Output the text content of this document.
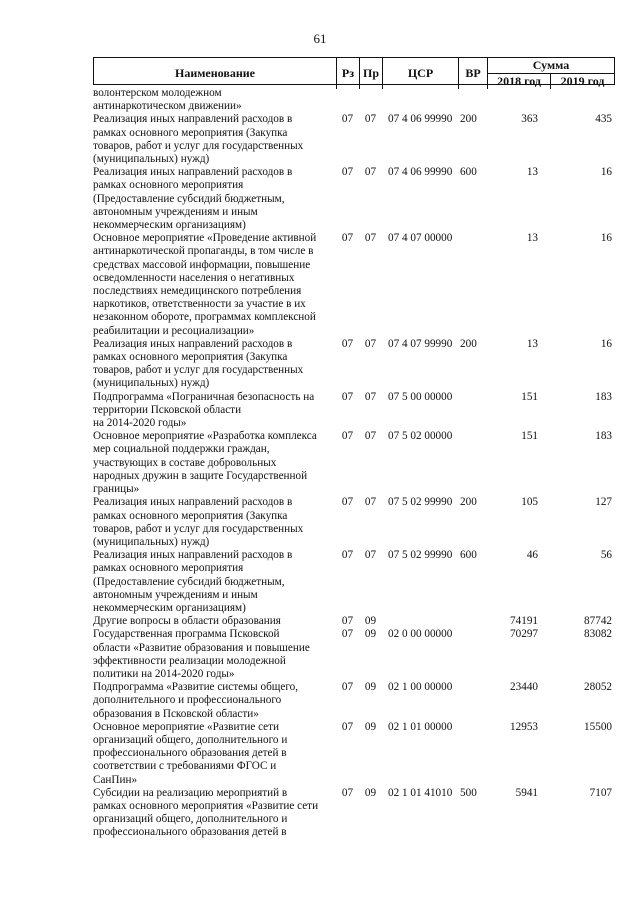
61
Наименование	Рз Пр	ЦСР	ВР
Сумма
2018 год	2019 год
волонтерском молодежном
антинаркотическом движении»
Реализация иных направлений расходов в
рамках основного мероприятия (Закупка
товаров, работ и услуг для государственных
(муниципальных) нужд)
07	07	07 4 06 99990 200	363	435
Реализация иных направлений расходов в
рамках основного мероприятия
(Предоставление субсидий бюджетным,
автономным учреждениям и иным
некоммерческим организациям)
07	07	07 4 06 99990 600	13	16
Основное мероприятие «Проведение активной
антинаркотической пропаганды, в том числе в
средствах массовой информации, повышение
осведомленности населения о негативных
последствиях немедицинского потребления
наркотиков, ответственности за участие в их
незаконном обороте, программах комплексной
реабилитации и ресоциализации»
07	07	07 4 07 00000	13	16
Реализация иных направлений расходов в
рамках основного мероприятия (Закупка
товаров, работ и услуг для государственных
(муниципальных) нужд)
07	07	07 4 07 99990 200	13	16
Подпрограмма «Пограничная безопасность на
территории Псковской области
на 2014-2020 годы»
07	07	07 5 00 00000	151	183
Основное мероприятие «Разработка комплекса
мер социальной поддержки граждан,
участвующих в составе добровольных
народных дружин в защите Государственной
границы»
07	07	07 5 02 00000	151	183
Реализация иных направлений расходов в
рамках основного мероприятия (Закупка
товаров, работ и услуг для государственных
(муниципальных) нужд)
07	07	07 5 02 99990 200	105	127
Реализация иных направлений расходов в
рамках основного мероприятия
(Предоставление субсидий бюджетным,
автономным учреждениям и иным
некоммерческим организациям)
07	07	07 5 02 99990 600	46	56
Другие вопросы в области образования	07	09	74191	87742
Государственная программа Псковской
области «Развитие образования и повышение
эффективности реализации молодежной
политики на 2014-2020 годы»
07	09	02 0 00 00000	70297	83082
Подпрограмма «Развитие системы общего,
дополнительного и профессионального
образования в Псковской области»
07	09	02 1 00 00000	23440	28052
Основное мероприятие «Развитие сети
организаций общего, дополнительного и
профессионального образования детей в
соответствии с требованиями ФГОС и
СанПин»
07	09	02 1 01 00000	12953	15500
Субсидии на реализацию мероприятий в
рамках основного мероприятия «Развитие сети
организаций общего, дополнительного и
профессионального образования детей в
07	09	02 1 01 41010 500	5941	7107
